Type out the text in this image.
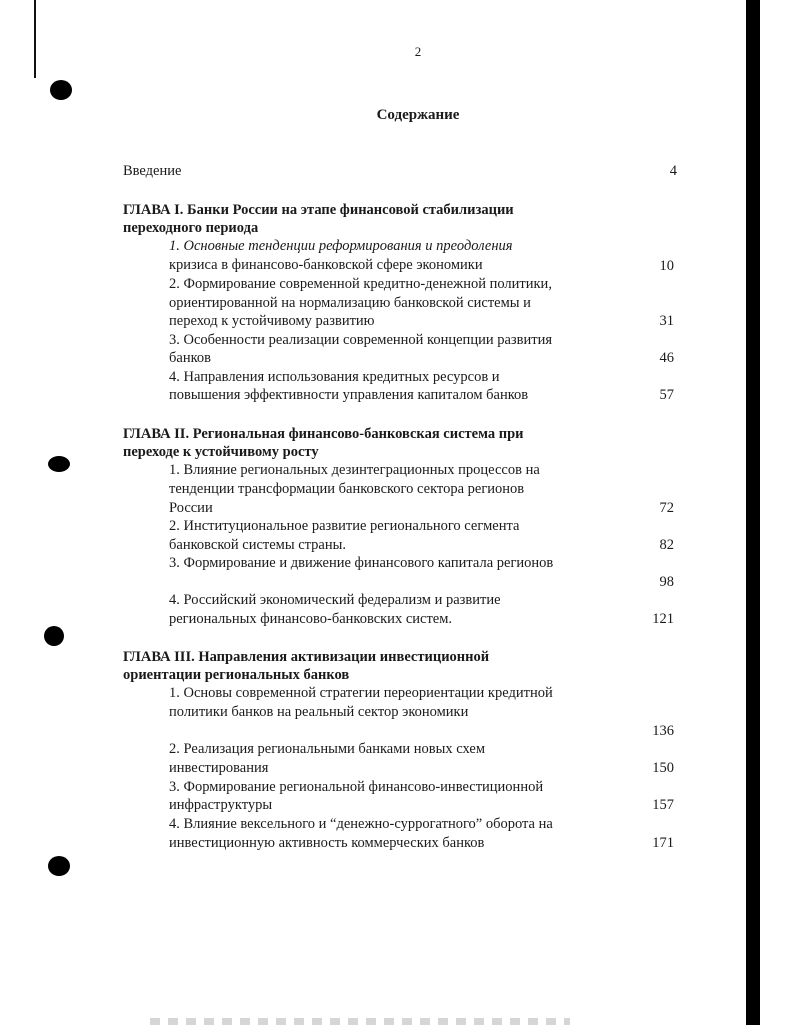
2
Содержание
Введение	4
ГЛАВА I. Банки России на этапе финансовой стабилизации
переходного периода
1. Основные тенденции реформирования и преодоления
кризиса в финансово-банковской сфере экономики	10
2. Формирование современной кредитно-денежной политики,
ориентированной на нормализацию банковской системы и
переход к устойчивому развитию	31
3. Особенности реализации современной концепции развития
банков	46
4. Направления использования кредитных ресурсов и
повышения эффективности управления капиталом банков	57
ГЛАВА II. Региональная финансово-банковская система при
переходе к устойчивому росту
1. Влияние региональных дезинтеграционных процессов на
тенденции трансформации банковского сектора регионов
России	72
2. Институциональное развитие регионального сегмента
банковской системы страны.	82
3. Формирование и движение финансового капитала регионов
98
4. Российский экономический федерализм и развитие
региональных финансово-банковских систем.	121
ГЛАВА III. Направления активизации инвестиционной
ориентации региональных банков
1. Основы современной стратегии переориентации кредитной
политики банков на реальный сектор экономики
136
2. Реализация региональными банками новых схем
инвестирования	150
3. Формирование региональной финансово-инвестиционной
инфраструктуры	157
4. Влияние вексельного и “денежно-суррогатного” оборота на
инвестиционную активность коммерческих банков	171
